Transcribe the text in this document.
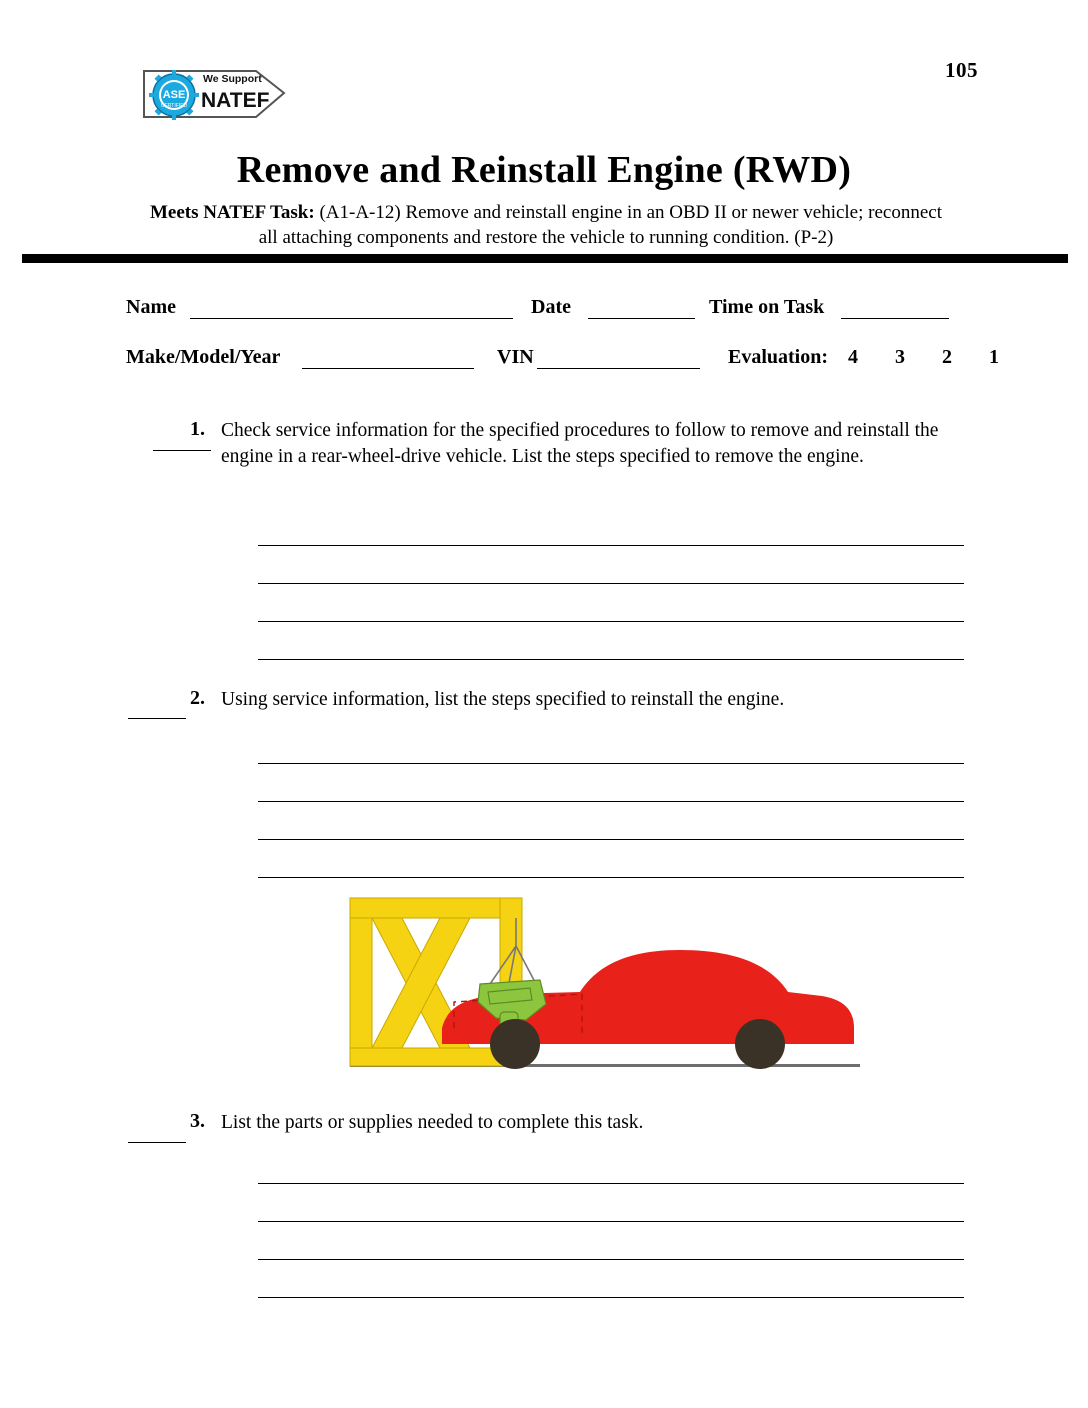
105
ASE
CERTIFIED
We Support
NATEF
Remove and Reinstall Engine (RWD)
Meets NATEF Task: (A1-A-12) Remove and reinstall engine in an OBD II or newer vehicle; reconnect all attaching components and restore the vehicle to running condition. (P-2)
Name	Date	Time on Task
Make/Model/Year	VIN	Evaluation: 4 3 2 1
1. Check service information for the specified procedures to follow to remove and reinstall the engine in a rear-wheel-drive vehicle. List the steps specified to remove the engine.
2. Using service information, list the steps specified to reinstall the engine.
3. List the parts or supplies needed to complete this task.
